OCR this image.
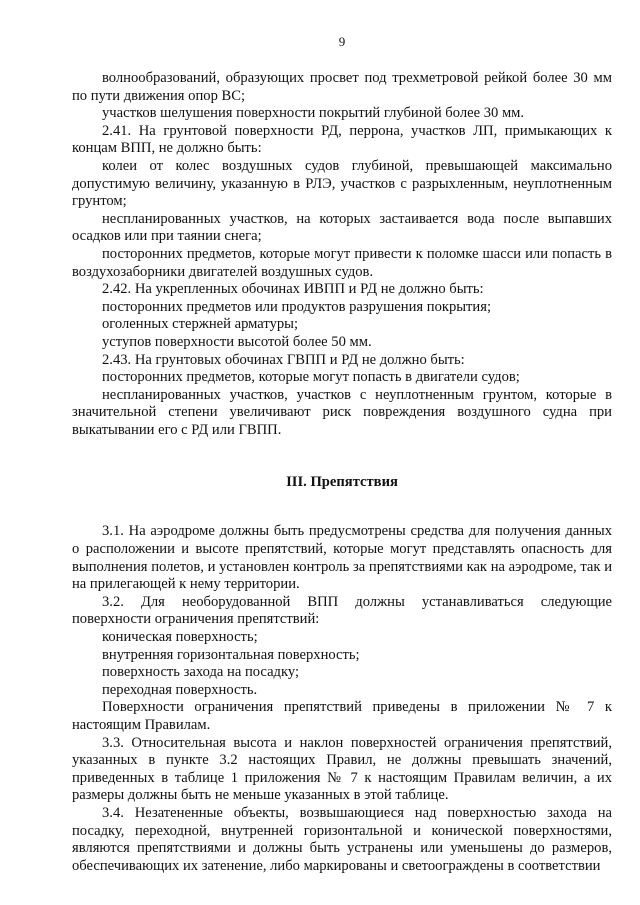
9

волнообразований, образующих просвет под трехметровой рейкой более 30 мм по пути движения опор ВС;

участков шелушения поверхности покрытий глубиной более 30 мм.

2.41. На грунтовой поверхности РД, перрона, участков ЛП, примыкающих к концам ВПП, не должно быть:

колеи от колес воздушных судов глубиной, превышающей максимально допустимую величину, указанную в РЛЭ, участков с разрыхленным, неуплотненным грунтом;

неспланированных участков, на которых застаивается вода после выпавших осадков или при таянии снега;

посторонних предметов, которые могут привести к поломке шасси или попасть в воздухозаборники двигателей воздушных судов.

2.42. На укрепленных обочинах ИВПП и РД не должно быть:

посторонних предметов или продуктов разрушения покрытия;

оголенных стержней арматуры;

уступов поверхности высотой более 50 мм.

2.43. На грунтовых обочинах ГВПП и РД не должно быть:

посторонних предметов, которые могут попасть в двигатели судов;

неспланированных участков, участков с неуплотненным грунтом, которые в значительной степени увеличивают риск повреждения воздушного судна при выкатывании его с РД или ГВПП.

III. Препятствия

3.1. На аэродроме должны быть предусмотрены средства для получения данных о расположении и высоте препятствий, которые могут представлять опасность для выполнения полетов, и установлен контроль за препятствиями как на аэродроме, так и на прилегающей к нему территории.

3.2. Для необорудованной ВПП должны устанавливаться следующие поверхности ограничения препятствий:

коническая поверхность;

внутренняя горизонтальная поверхность;

поверхность захода на посадку;

переходная поверхность.

Поверхности ограничения препятствий приведены в приложении № 7 к настоящим Правилам.

3.3. Относительная высота и наклон поверхностей ограничения препятствий, указанных в пункте 3.2 настоящих Правил, не должны превышать значений, приведенных в таблице 1 приложения № 7 к настоящим Правилам величин, а их размеры должны быть не меньше указанных в этой таблице.

3.4. Незатененные объекты, возвышающиеся над поверхностью захода на посадку, переходной, внутренней горизонтальной и конической поверхностями, являются препятствиями и должны быть устранены или уменьшены до размеров, обеспечивающих их затенение, либо маркированы и светоограждены в соответствии
